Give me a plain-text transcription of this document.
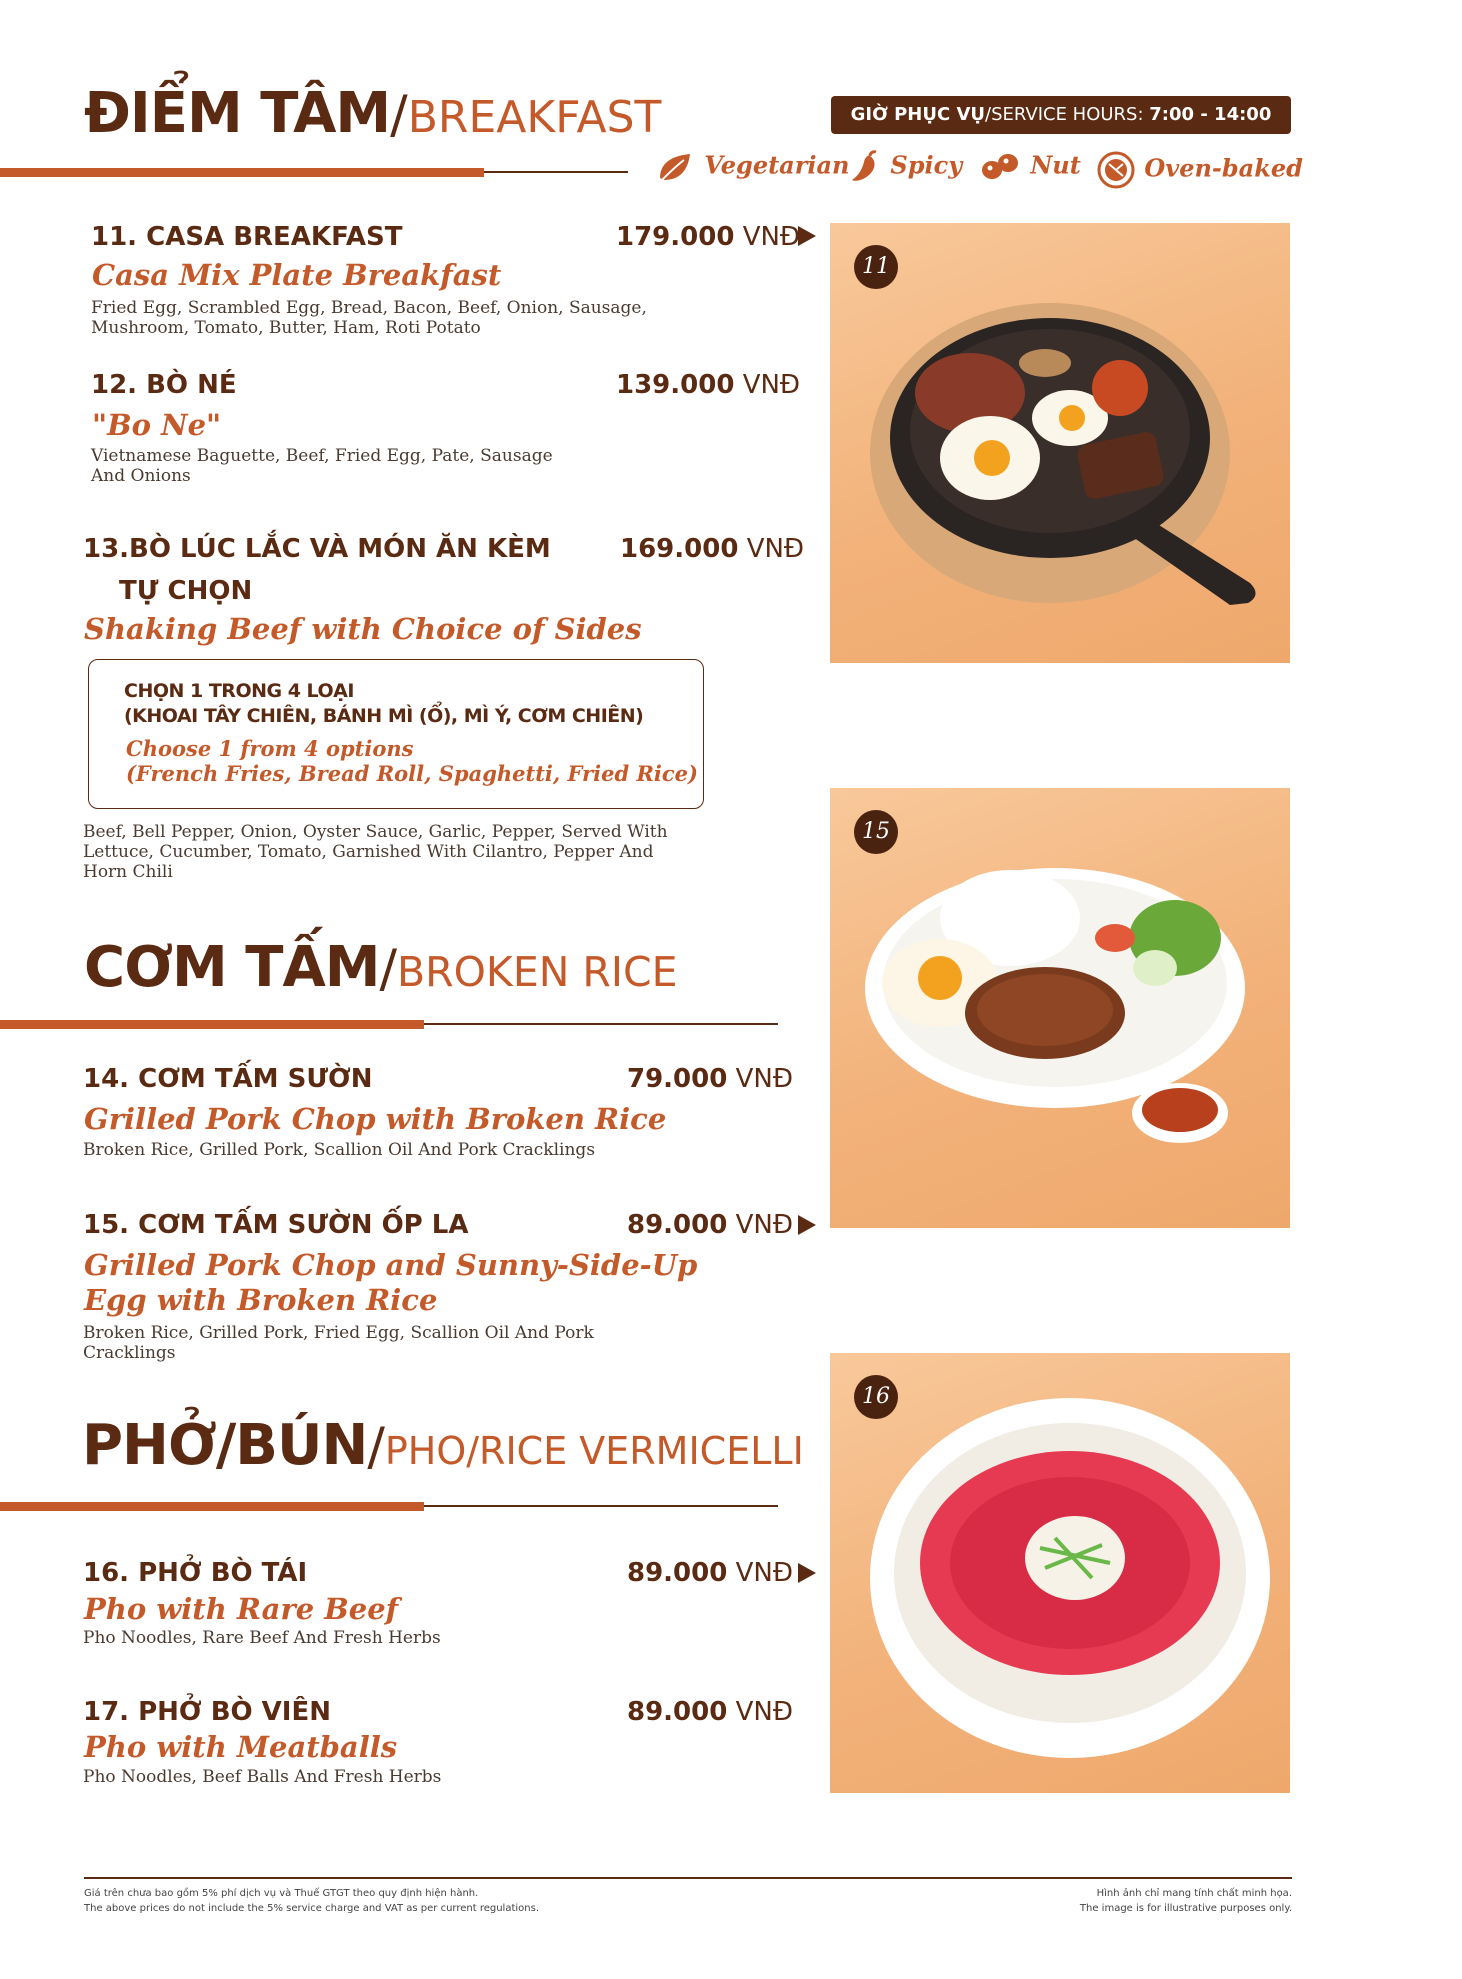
ĐIỂM TÂM/BREAKFAST	GIỜ PHỤC VỤ/SERVICE HOURS: 7:00 - 14:00
Vegetarian	Spicy	Nut	Oven-baked
11. CASA BREAKFAST	179.000 VNĐ
Casa Mix Plate Breakfast
Fried Egg, Scrambled Egg, Bread, Bacon, Beef, Onion, Sausage,
Mushroom, Tomato, Butter, Ham, Roti Potato
12. BÒ NÉ	139.000 VNĐ
"Bo Ne"
Vietnamese Baguette, Beef, Fried Egg, Pate, Sausage
And Onions
13.BÒ LÚC LẮC VÀ MÓN ĂN KÈM
TỰ CHỌN
169.000 VNĐ
Shaking Beef with Choice of Sides
CHỌN 1 TRONG 4 LOẠI
(KHOAI TÂY CHIÊN, BÁNH MÌ (Ổ), MÌ Ý, CƠM CHIÊN)
Choose 1 from 4 options
(French Fries, Bread Roll, Spaghetti, Fried Rice)
Beef, Bell Pepper, Onion, Oyster Sauce, Garlic, Pepper, Served With
Lettuce, Cucumber, Tomato, Garnished With Cilantro, Pepper And
Horn Chili
CƠM TẤM/BROKEN RICE
14. CƠM TẤM SƯỜN	79.000 VNĐ
Grilled Pork Chop with Broken Rice
Broken Rice, Grilled Pork, Scallion Oil And Pork Cracklings
15. CƠM TẤM SƯỜN ỐP LA	89.000 VNĐ
Grilled Pork Chop and Sunny-Side-Up
Egg with Broken Rice
Broken Rice, Grilled Pork, Fried Egg, Scallion Oil And Pork
Cracklings
PHỞ/BÚN/PHO/RICE VERMICELLI
16. PHỞ BÒ TÁI	89.000 VNĐ
Pho with Rare Beef
Pho Noodles, Rare Beef And Fresh Herbs
17. PHỞ BÒ VIÊN	89.000 VNĐ
Pho with Meatballs
Pho Noodles, Beef Balls And Fresh Herbs
11
15
16
Giá trên chưa bao gồm 5% phí dịch vụ và Thuế GTGT theo quy định hiện hành.
The above prices do not include the 5% service charge and VAT as per current regulations.
Hình ảnh chỉ mang tính chất minh họa.
The image is for illustrative purposes only.
